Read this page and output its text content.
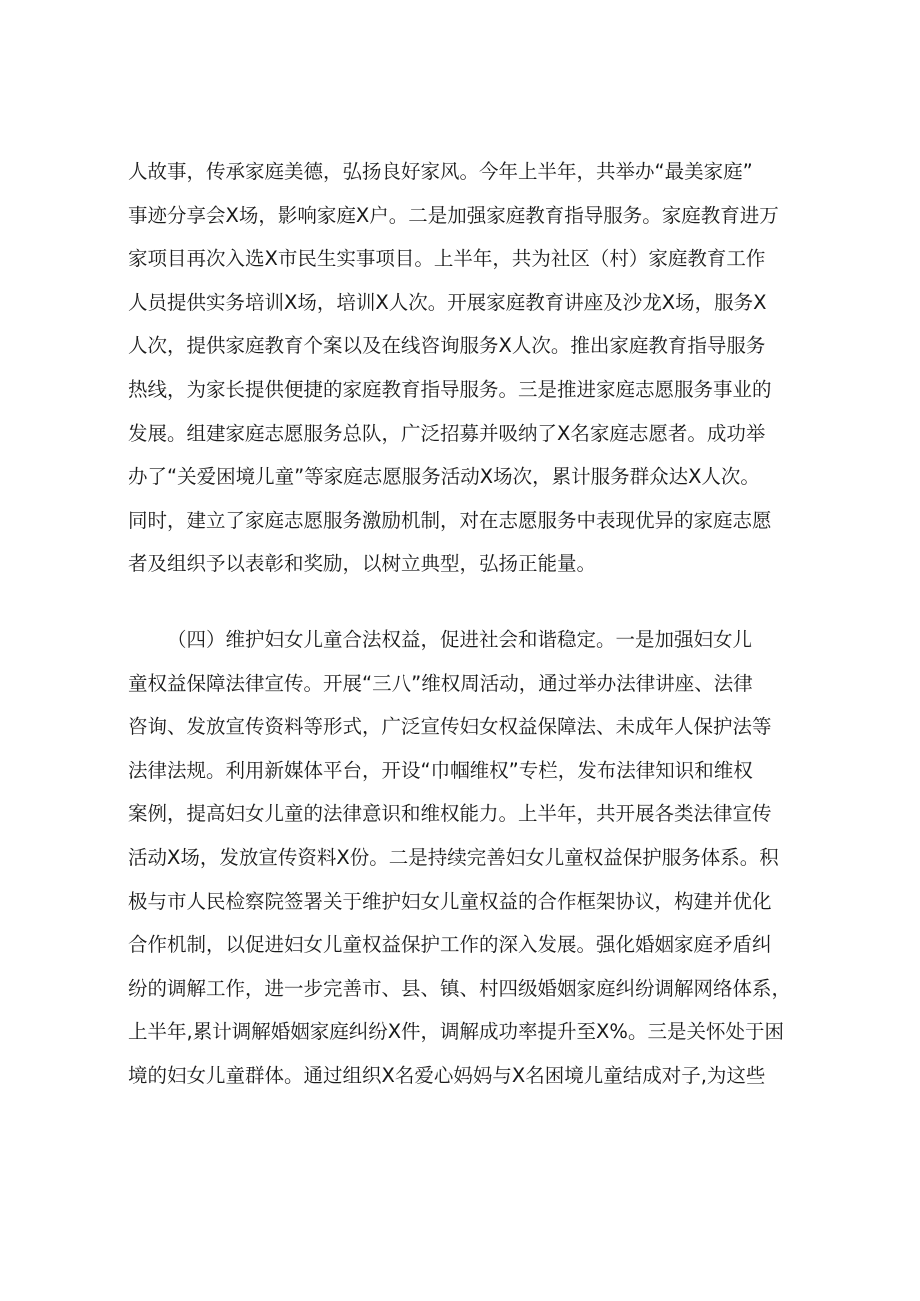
人故事，传承家庭美德，弘扬良好家风。今年上半年，共举办“最美家庭”
事迹分享会X场，影响家庭X户。二是加强家庭教育指导服务。家庭教育进万
家项目再次入选X市民生实事项目。上半年，共为社区（村）家庭教育工作
人员提供实务培训X场，培训X人次。开展家庭教育讲座及沙龙X场，服务X
人次，提供家庭教育个案以及在线咨询服务X人次。推出家庭教育指导服务
热线，为家长提供便捷的家庭教育指导服务。三是推进家庭志愿服务事业的
发展。组建家庭志愿服务总队，广泛招募并吸纳了X名家庭志愿者。成功举
办了“关爱困境儿童”等家庭志愿服务活动X场次，累计服务群众达X人次。
同时，建立了家庭志愿服务激励机制，对在志愿服务中表现优异的家庭志愿
者及组织予以表彰和奖励，以树立典型，弘扬正能量。
（四）维护妇女儿童合法权益，促进社会和谐稳定。一是加强妇女儿
童权益保障法律宣传。开展“三八”维权周活动，通过举办法律讲座、法律
咨询、发放宣传资料等形式，广泛宣传妇女权益保障法、未成年人保护法等
法律法规。利用新媒体平台，开设“巾帼维权”专栏，发布法律知识和维权
案例，提高妇女儿童的法律意识和维权能力。上半年，共开展各类法律宣传
活动X场，发放宣传资料X份。二是持续完善妇女儿童权益保护服务体系。积
极与市人民检察院签署关于维护妇女儿童权益的合作框架协议，构建并优化
合作机制，以促进妇女儿童权益保护工作的深入发展。强化婚姻家庭矛盾纠
纷的调解工作，进一步完善市、县、镇、村四级婚姻家庭纠纷调解网络体系，
上半年,累计调解婚姻家庭纠纷X件，调解成功率提升至X%。三是关怀处于困
境的妇女儿童群体。通过组织X名爱心妈妈与X名困境儿童结成对子,为这些
